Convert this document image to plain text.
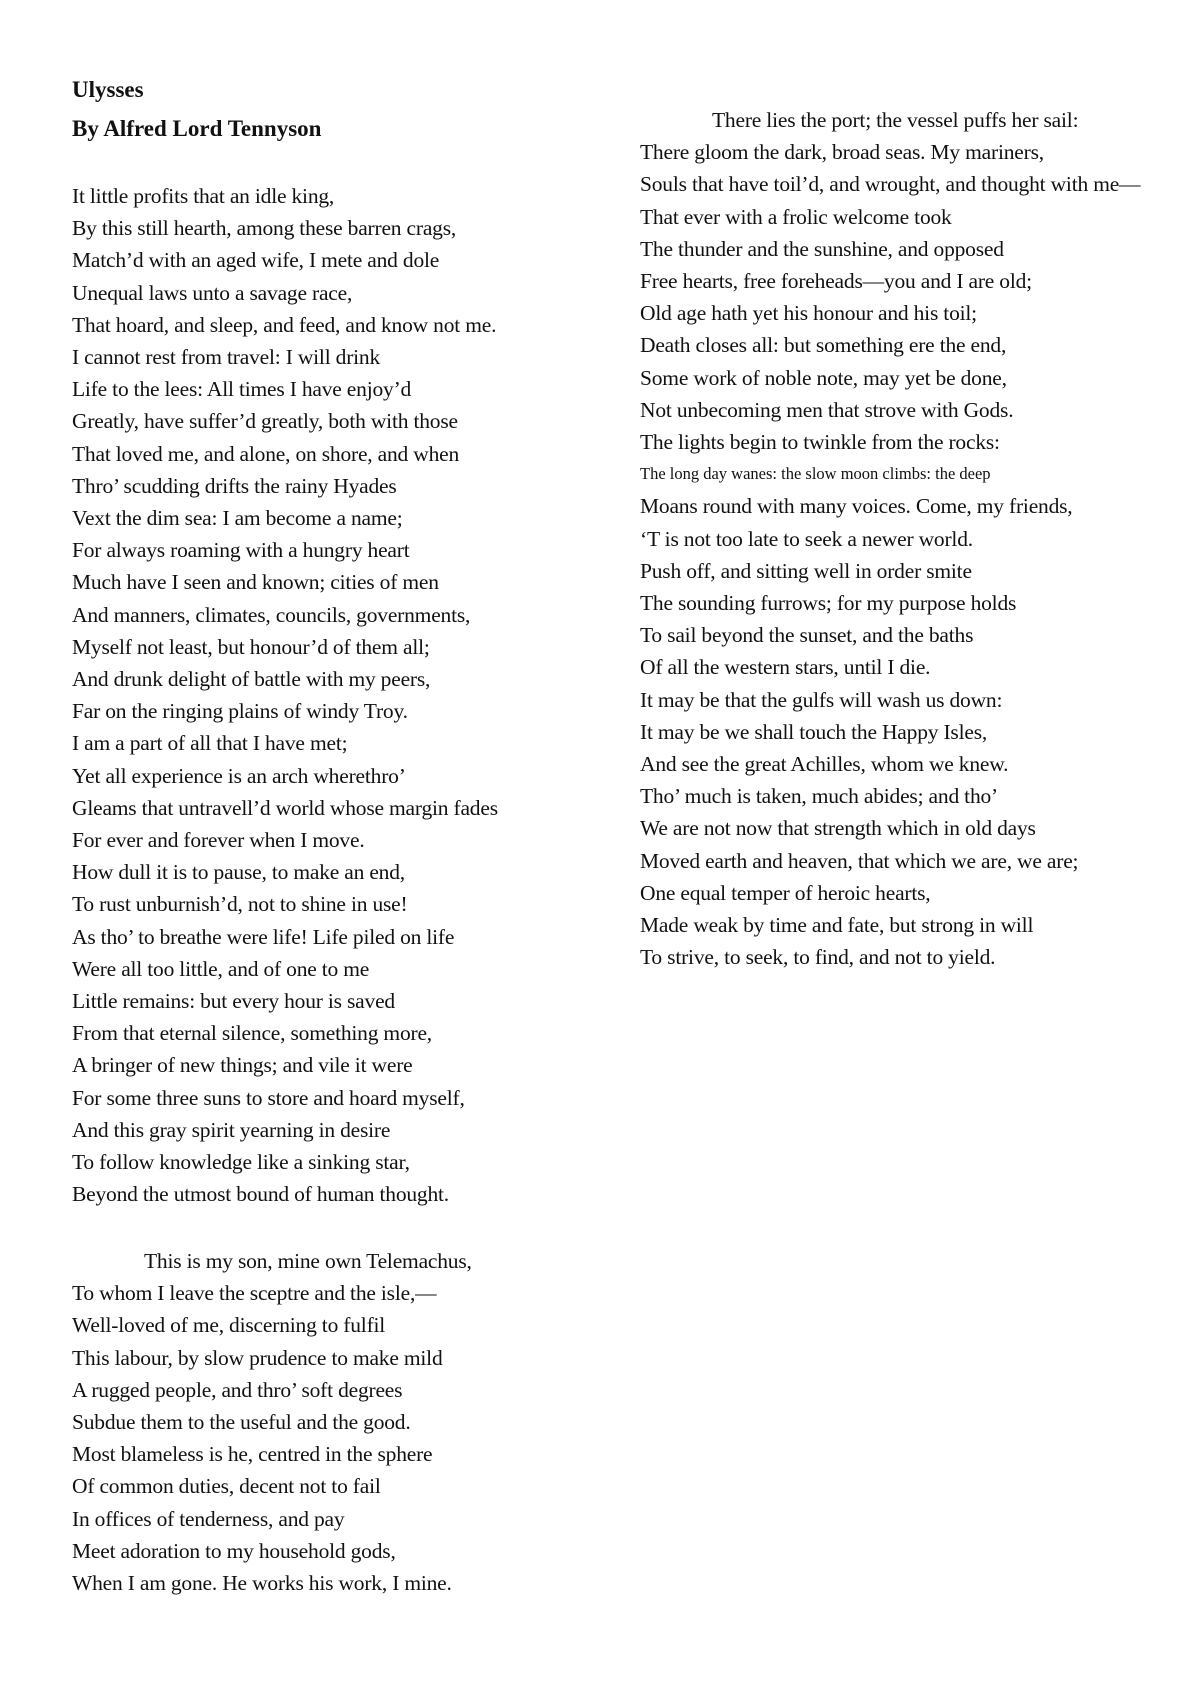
Ulysses
By Alfred Lord Tennyson
It little profits that an idle king,
By this still hearth, among these barren crags,
Match’d with an aged wife, I mete and dole
Unequal laws unto a savage race,
That hoard, and sleep, and feed, and know not me.
I cannot rest from travel: I will drink
Life to the lees: All times I have enjoy’d
Greatly, have suffer’d greatly, both with those
That loved me, and alone, on shore, and when
Thro’ scudding drifts the rainy Hyades
Vext the dim sea: I am become a name;
For always roaming with a hungry heart
Much have I seen and known; cities of men
And manners, climates, councils, governments,
Myself not least, but honour’d of them all;
And drunk delight of battle with my peers,
Far on the ringing plains of windy Troy.
I am a part of all that I have met;
Yet all experience is an arch wherethro’
Gleams that untravell’d world whose margin fades
For ever and forever when I move.
How dull it is to pause, to make an end,
To rust unburnish’d, not to shine in use!
As tho’ to breathe were life! Life piled on life
Were all too little, and of one to me
Little remains: but every hour is saved
From that eternal silence, something more,
A bringer of new things; and vile it were
For some three suns to store and hoard myself,
And this gray spirit yearning in desire
To follow knowledge like a sinking star,
Beyond the utmost bound of human thought.
This is my son, mine own Telemachus,
To whom I leave the sceptre and the isle,—
Well-loved of me, discerning to fulfil
This labour, by slow prudence to make mild
A rugged people, and thro’ soft degrees
Subdue them to the useful and the good.
Most blameless is he, centred in the sphere
Of common duties, decent not to fail
In offices of tenderness, and pay
Meet adoration to my household gods,
When I am gone. He works his work, I mine.
There lies the port; the vessel puffs her sail:
There gloom the dark, broad seas. My mariners,
Souls that have toil’d, and wrought, and thought with me—
That ever with a frolic welcome took
The thunder and the sunshine, and opposed
Free hearts, free foreheads—you and I are old;
Old age hath yet his honour and his toil;
Death closes all: but something ere the end,
Some work of noble note, may yet be done,
Not unbecoming men that strove with Gods.
The lights begin to twinkle from the rocks:
The long day wanes: the slow moon climbs: the deep
Moans round with many voices. Come, my friends,
‘T is not too late to seek a newer world.
Push off, and sitting well in order smite
The sounding furrows; for my purpose holds
To sail beyond the sunset, and the baths
Of all the western stars, until I die.
It may be that the gulfs will wash us down:
It may be we shall touch the Happy Isles,
And see the great Achilles, whom we knew.
Tho’ much is taken, much abides; and tho’
We are not now that strength which in old days
Moved earth and heaven, that which we are, we are;
One equal temper of heroic hearts,
Made weak by time and fate, but strong in will
To strive, to seek, to find, and not to yield.
